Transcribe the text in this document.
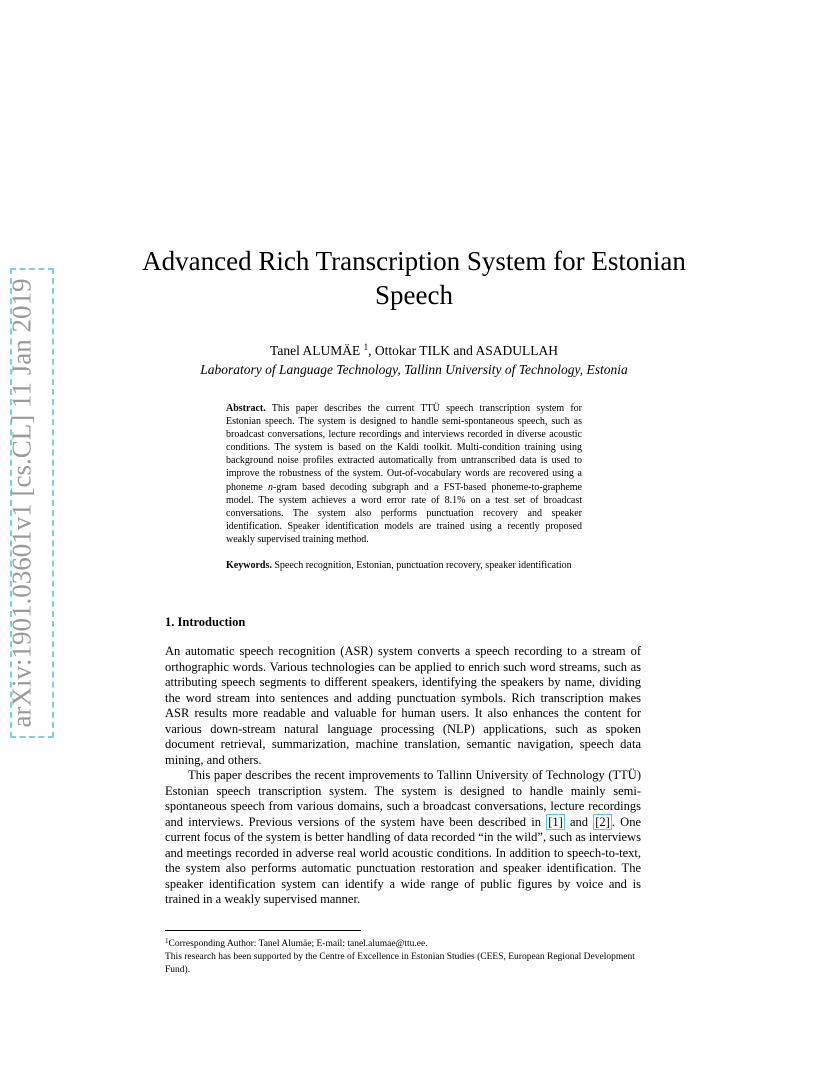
arXiv:1901.03601v1 [cs.CL] 11 Jan 2019
Advanced Rich Transcription System for Estonian Speech
Tanel ALUMÄE $^1$, Ottokar TILK and ASADULLAH
Laboratory of Language Technology, Tallinn University of Technology, Estonia
Abstract. This paper describes the current TTÜ speech transcription system for Estonian speech. The system is designed to handle semi-spontaneous speech, such as broadcast conversations, lecture recordings and interviews recorded in diverse acoustic conditions. The system is based on the Kaldi toolkit. Multi-condition training using background noise profiles extracted automatically from untranscribed data is used to improve the robustness of the system. Out-of-vocabulary words are recovered using a phoneme n-gram based decoding subgraph and a FST-based phoneme-to-grapheme model. The system achieves a word error rate of 8.1% on a test set of broadcast conversations. The system also performs punctuation recovery and speaker identification. Speaker identification models are trained using a recently proposed weakly supervised training method.
Keywords. Speech recognition, Estonian, punctuation recovery, speaker identification
1. Introduction

An automatic speech recognition (ASR) system converts a speech recording to a stream of orthographic words. Various technologies can be applied to enrich such word streams, such as attributing speech segments to different speakers, identifying the speakers by name, dividing the word stream into sentences and adding punctuation symbols. Rich transcription makes ASR results more readable and valuable for human users. It also enhances the content for various down-stream natural language processing (NLP) applications, such as spoken document retrieval, summarization, machine translation, semantic navigation, speech data mining, and others.

This paper describes the recent improvements to Tallinn University of Technology (TTÜ) Estonian speech transcription system. The system is designed to handle mainly semi-spontaneous speech from various domains, such a broadcast conversations, lecture recordings and interviews. Previous versions of the system have been described in [1] and [2] . One current focus of the system is better handling of data recorded “in the wild”, such as interviews and meetings recorded in adverse real world acoustic conditions. In addition to speech-to-text, the system also performs automatic punctuation restoration and speaker identification. The speaker identification system can identify a wide range of public figures by voice and is trained in a weakly supervised manner.

$^1$Corresponding Author: Tanel Alumäe; E-mail: tanel.alumae@ttu.ee.

This research has been supported by the Centre of Excellence in Estonian Studies (CEES, European Regional Development Fund).
